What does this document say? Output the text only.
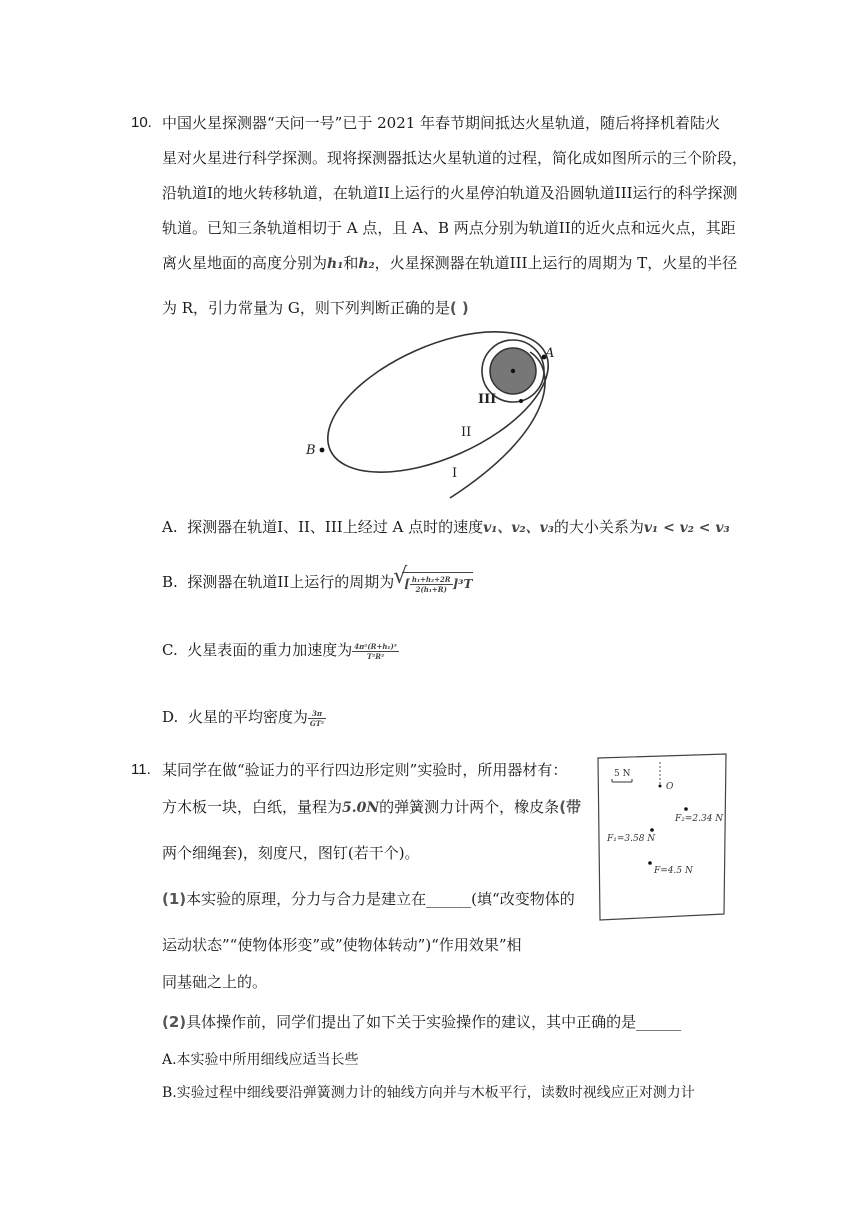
10. 中国火星探测器“天问一号”已于 2021 年春节期间抵达火星轨道，随后将择机着陆火
星对火星进行科学探测。现将探测器抵达火星轨道的过程，简化成如图所示的三个阶段，
沿轨道I的地火转移轨道，在轨道II上运行的火星停泊轨道及沿圆轨道III运行的科学探测
轨道。已知三条轨道相切于 A 点，且 A、B 两点分别为轨道II的近火点和远火点，其距
离火星地面的高度分别为h₁和h₂，火星探测器在轨道III上运行的周期为 T，火星的半径
为 R，引力常量为 G，则下列判断正确的是( )
A
B
III
II
I
A. 探测器在轨道I、II、III上经过 A 点时的速度v₁、v₂、v₃的大小关系为v₁ < v₂ < v₃
B. 探测器在轨道II上运行的周期为√ [ $\frac{\text{h₁+h₂+2R}}{\text{2(h₁+R)}} ]^3T$
C. 火星表面的重力加速度为 $\frac{\text{4π²(R+h₁)³}}{\text{T²R²}}$
D. 火星的平均密度为 $\frac{3\pi}{\text{GT²}}$
11. 某同学在做“验证力的平行四边形定则”实验时，所用器材有：
方木板一块，白纸，量程为5.0N的弹簧测力计两个，橡皮条(带
两个细绳套)，刻度尺，图钉(若干个)。
(1)本实验的原理，分力与合力是建立在______(填“改变物体的
运动状态”“使物体形变”或”使物体转动”)“作用效果”相
同基础之上的。
(2)具体操作前，同学们提出了如下关于实验操作的建议，其中正确的是______
A.本实验中所用细线应适当长些
B.实验过程中细线要沿弹簧测力计的轴线方向并与木板平行，读数时视线应正对测力计
5 N
O
F₂=2.34 N
F₁=3.58 N
F=4.5 N
